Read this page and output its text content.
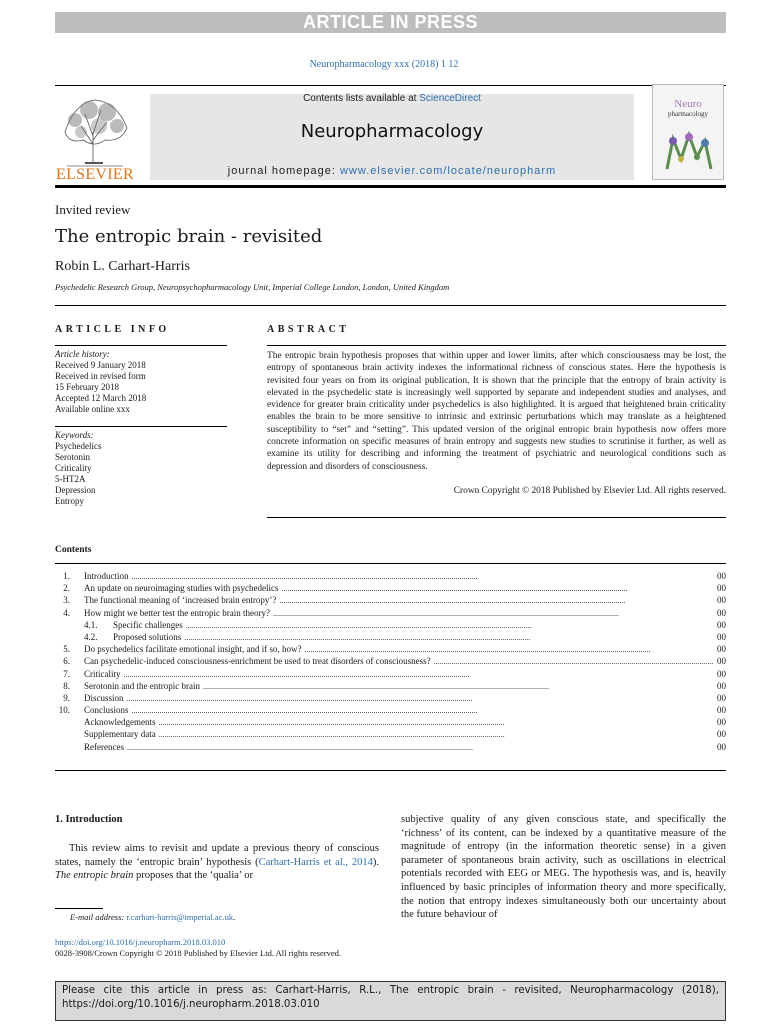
ARTICLE IN PRESS
Neuropharmacology xxx (2018) 1 12
ELSEVIER
Contents lists available at ScienceDirect
Neuropharmacology
journal homepage: www.elsevier.com/locate/neuropharm
Neuro
pharmacology
Invited review
The entropic brain - revisited
Robin L. Carhart-Harris
Psychedelic Research Group, Neuropsychopharmacology Unit, Imperial College London, London, United Kingdom
ARTICLE INFO	ABSTRACT
Article history:
Received 9 January 2018
Received in revised form
15 February 2018
Accepted 12 March 2018
Available online xxx
Keywords:
Psychedelics
Serotonin
Criticality
5-HT2A
Depression
Entropy
The entropic brain hypothesis proposes that within upper and lower limits, after which consciousness may be lost, the entropy of spontaneous brain activity indexes the informational richness of conscious states. Here the hypothesis is revisited four years on from its original publication. It is shown that the principle that the entropy of brain activity is elevated in the psychedelic state is increasingly well supported by separate and independent studies and analyses, and evidence for greater brain criticality under psychedelics is also highlighted. It is argued that heightened brain criticality enables the brain to be more sensitive to intrinsic and extrinsic perturbations which may translate as a heightened susceptibility to “set” and “setting”. This updated version of the original entropic brain hypothesis now offers more concrete information on specific measures of brain entropy and suggests new studies to scrutinise it further, as well as examine its utility for describing and informing the treatment of psychiatric and neurological conditions such as depression and disorders of consciousness.
Crown Copyright © 2018 Published by Elsevier Ltd. All rights reserved.
Contents
1.	Introduction . . .	00
2.	An update on neuroimaging studies with psychedelics . . .	00
3.	The functional meaning of ‘increased brain entropy’? . . .	00
4.	How might we better test the entropic brain theory? . . .	00
4.1.	Specific challenges . . .	00
4.2.	Proposed solutions . . .	00
5.	Do psychedelics facilitate emotional insight, and if so, how? . . .	00
6.	Can psychedelic-induced consciousness-enrichment be used to treat disorders of consciousness? . . .	00
7.	Criticality . . .	00
8.	Serotonin and the entropic brain . . .	00
9.	Discussion . . .	00
10.	Conclusions . . .	00
Acknowledgements . . .	00
Supplementary data . . .	00
References . . .	00
1. Introduction
This review aims to revisit and update a previous theory of conscious states, namely the ‘entropic brain’ hypothesis (Carhart-Harris et al., 2014). The entropic brain proposes that the ‘qualia’ or
subjective quality of any given conscious state, and specifically the ‘richness’ of its content, can be indexed by a quantitative measure of the magnitude of entropy (in the information theoretic sense) in a given parameter of spontaneous brain activity, such as oscillations in electrical potentials recorded with EEG or MEG. The hypothesis was, and is, heavily influenced by basic principles of information theory and more specifically, the notion that entropy indexes simultaneously both our uncertainty about the future behaviour of
E-mail address: r.carhart-harris@imperial.ac.uk.
https://doi.org/10.1016/j.neuropharm.2018.03.010
0028-3908/Crown Copyright © 2018 Published by Elsevier Ltd. All rights reserved.
Please cite this article in press as: Carhart-Harris, R.L., The entropic brain - revisited, Neuropharmacology (2018), https://doi.org/10.1016/j.neuropharm.2018.03.010
